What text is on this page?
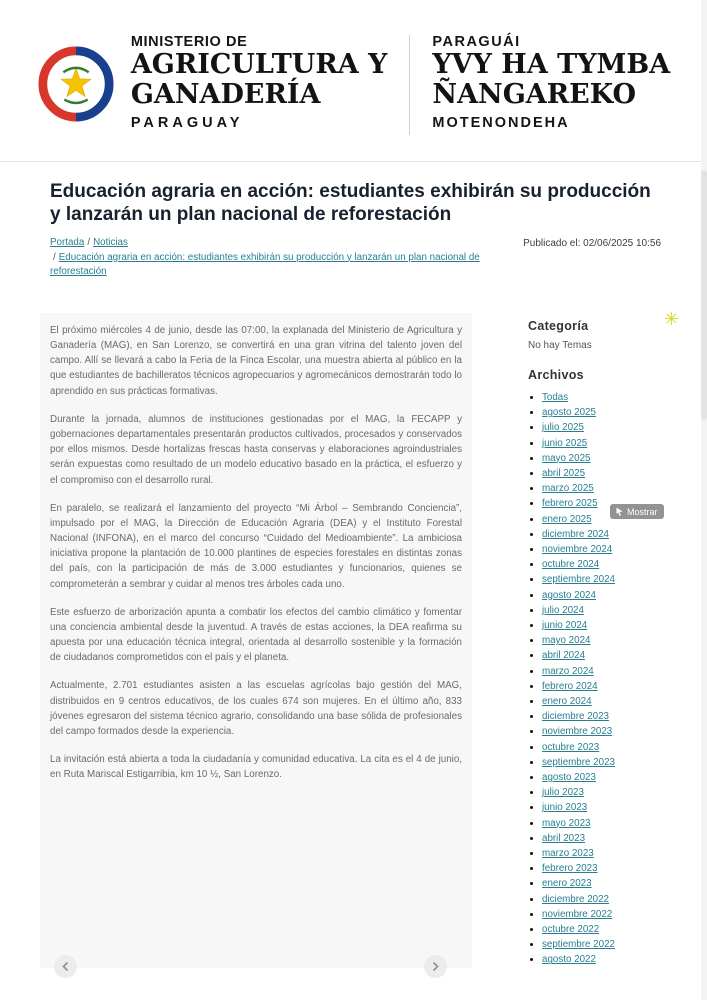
MINISTERIO DE
AGRICULTURA Y
GANADERÍA
PARAGUAY
PARAGUÁI
YVY HA TYMBA
ÑANGAREKO
MOTENONDEHA
Educación agraria en acción: estudiantes exhibirán su producción y lanzarán un plan nacional de reforestación
Portada / Noticias / Educación agraria en acción: estudiantes exhibirán su producción y lanzarán un plan nacional de reforestación
Publicado el: 02/06/2025 10:56

El próximo miércoles 4 de junio, desde las 07:00, la explanada del Ministerio de Agricultura y Ganadería (MAG), en San Lorenzo, se convertirá en una gran vitrina del talento joven del campo. Allí se llevará a cabo la Feria de la Finca Escolar, una muestra abierta al público en la que estudiantes de bachilleratos técnicos agropecuarios y agromecánicos demostrarán todo lo aprendido en sus prácticas formativas.

Durante la jornada, alumnos de instituciones gestionadas por el MAG, la FECAPP y gobernaciones departamentales presentarán productos cultivados, procesados y conservados por ellos mismos. Desde hortalizas frescas hasta conservas y elaboraciones agroindustriales serán expuestas como resultado de un modelo educativo basado en la práctica, el esfuerzo y el compromiso con el desarrollo rural.

En paralelo, se realizará el lanzamiento del proyecto “Mi Árbol – Sembrando Conciencia”, impulsado por el MAG, la Dirección de Educación Agraria (DEA) y el Instituto Forestal Nacional (INFONA), en el marco del concurso “Cuidado del Medioambiente”. La ambiciosa iniciativa propone la plantación de 10.000 plantines de especies forestales en distintas zonas del país, con la participación de más de 3.000 estudiantes y funcionarios, quienes se comprometerán a sembrar y cuidar al menos tres árboles cada uno.

Este esfuerzo de arborización apunta a combatir los efectos del cambio climático y fomentar una conciencia ambiental desde la juventud. A través de estas acciones, la DEA reafirma su apuesta por una educación técnica integral, orientada al desarrollo sostenible y la formación de ciudadanos comprometidos con el país y el planeta.

Actualmente, 2.701 estudiantes asisten a las escuelas agrícolas bajo gestión del MAG, distribuidos en 9 centros educativos, de los cuales 674 son mujeres. En el último año, 833 jóvenes egresaron del sistema técnico agrario, consolidando una base sólida de profesionales del campo formados desde la experiencia.

La invitación está abierta a toda la ciudadanía y comunidad educativa. La cita es el 4 de junio, en Ruta Mariscal Estigarribia, km 10 ½, San Lorenzo.

Categoría
No hay Temas
Archivos
• Todas
• agosto 2025
• julio 2025
• junio 2025
• mayo 2025
• abril 2025
• marzo 2025
• febrero 2025
• enero 2025
• diciembre 2024
• noviembre 2024
• octubre 2024
• septiembre 2024
• agosto 2024
• julio 2024
• junio 2024
• mayo 2024
• abril 2024
• marzo 2024
• febrero 2024
• enero 2024
• diciembre 2023
• noviembre 2023
• octubre 2023
• septiembre 2023
• agosto 2023
• julio 2023
• junio 2023
• mayo 2023
• abril 2023
• marzo 2023
• febrero 2023
• enero 2023
• diciembre 2022
• noviembre 2022
• octubre 2022
• septiembre 2022
• agosto 2022
✳
Mostrar
